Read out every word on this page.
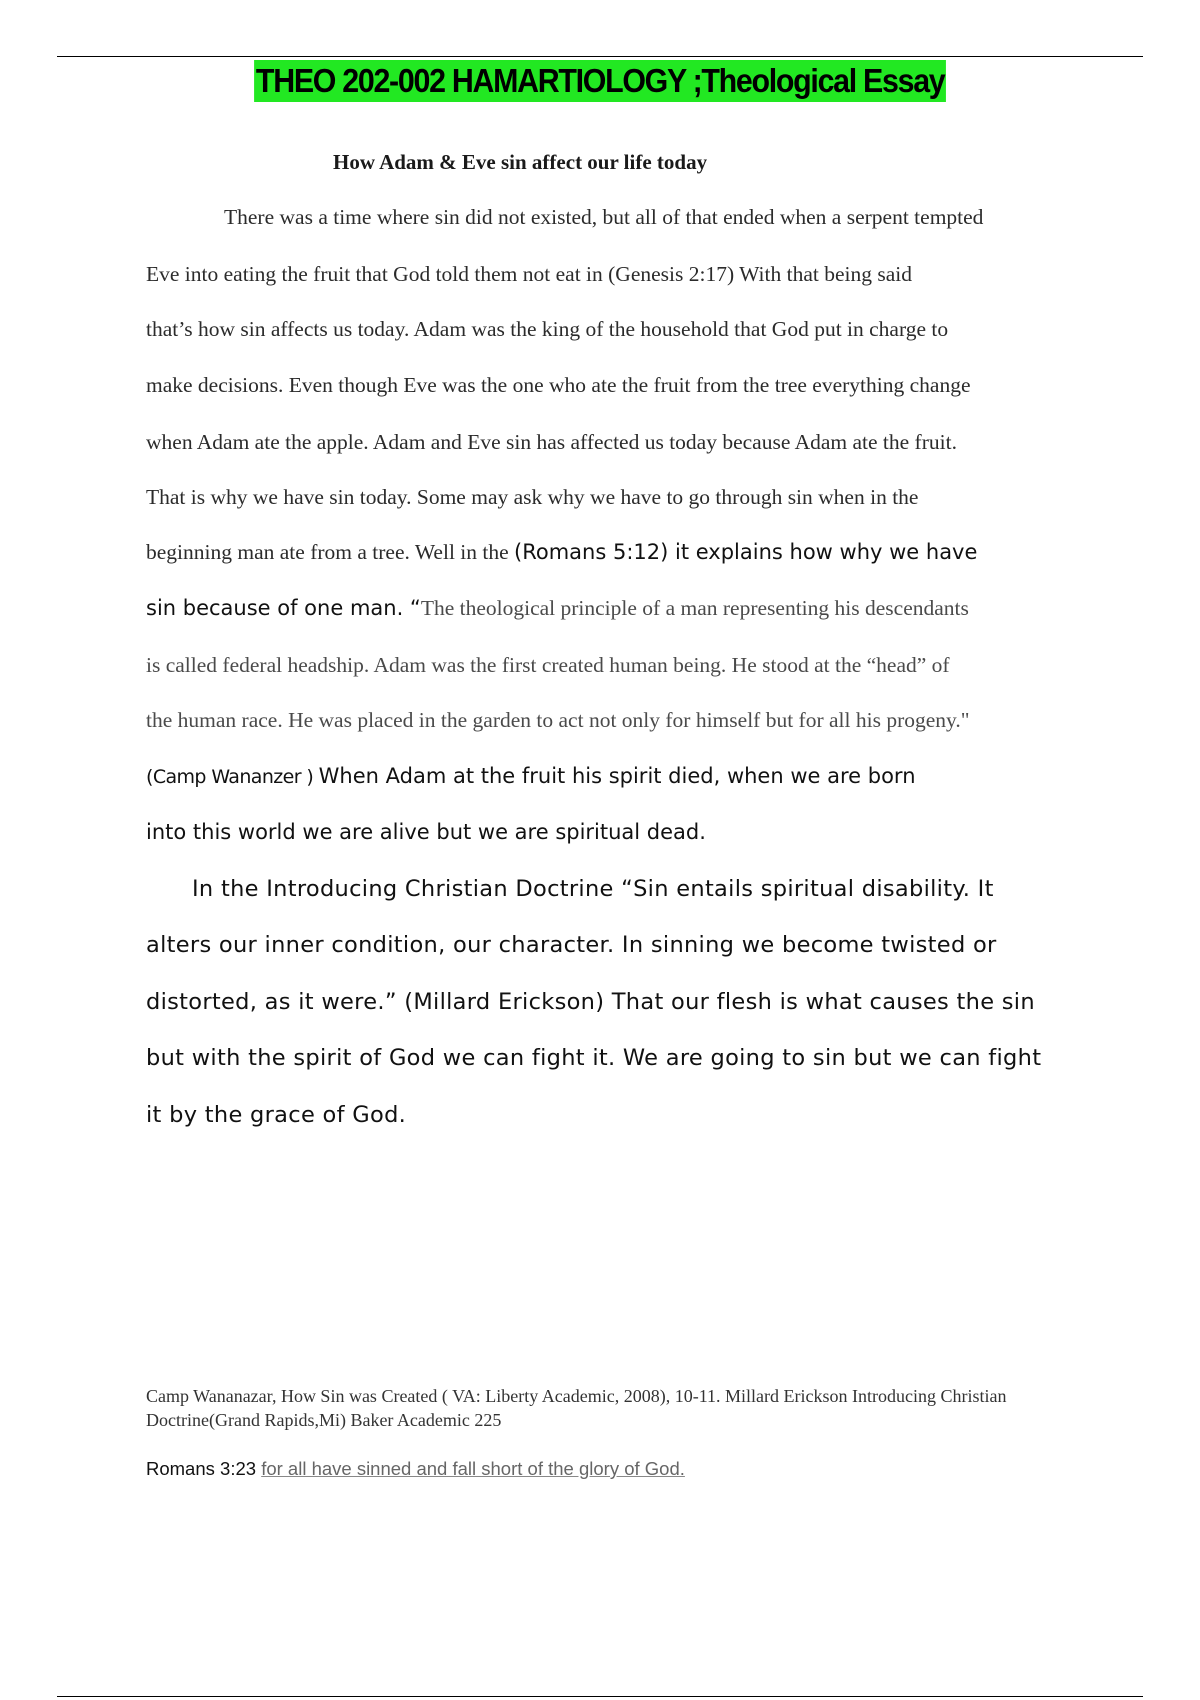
THEO 202-002 HAMARTIOLOGY ;Theological Essay
How Adam & Eve sin affect our life today

There was a time where sin did not existed, but all of that ended when a serpent tempted

Eve into eating the fruit that God told them not eat in (Genesis 2:17) With that being said

that’s how sin affects us today. Adam was the king of the household that God put in charge to

make decisions. Even though Eve was the one who ate the fruit from the tree everything change

when Adam ate the apple. Adam and Eve sin has affected us today because Adam ate the fruit.

That is why we have sin today. Some may ask why we have to go through sin when in the

beginning man ate from a tree. Well in the (Romans 5:12) it explains how why we have

sin because of one man. “The theological principle of a man representing his descendants

is called federal headship. Adam was the first created human being. He stood at the “head” of

the human race. He was placed in the garden to act not only for himself but for all his progeny."

(Camp Wananzer ) When Adam at the fruit his spirit died, when we are born

into this world we are alive but we are spiritual dead.

In the Introducing Christian Doctrine “Sin entails spiritual disability. It

alters our inner condition, our character. In sinning we become twisted or

distorted, as it were.” (Millard Erickson) That our flesh is what causes the sin

but with the spirit of God we can fight it. We are going to sin but we can fight

it by the grace of God.

Camp Wananazar, How Sin was Created ( VA: Liberty Academic, 2008), 10-11. Millard Erickson Introducing Christian Doctrine(Grand Rapids,Mi) Baker Academic 225

Romans 3:23 for all have sinned and fall short of the glory of God.
